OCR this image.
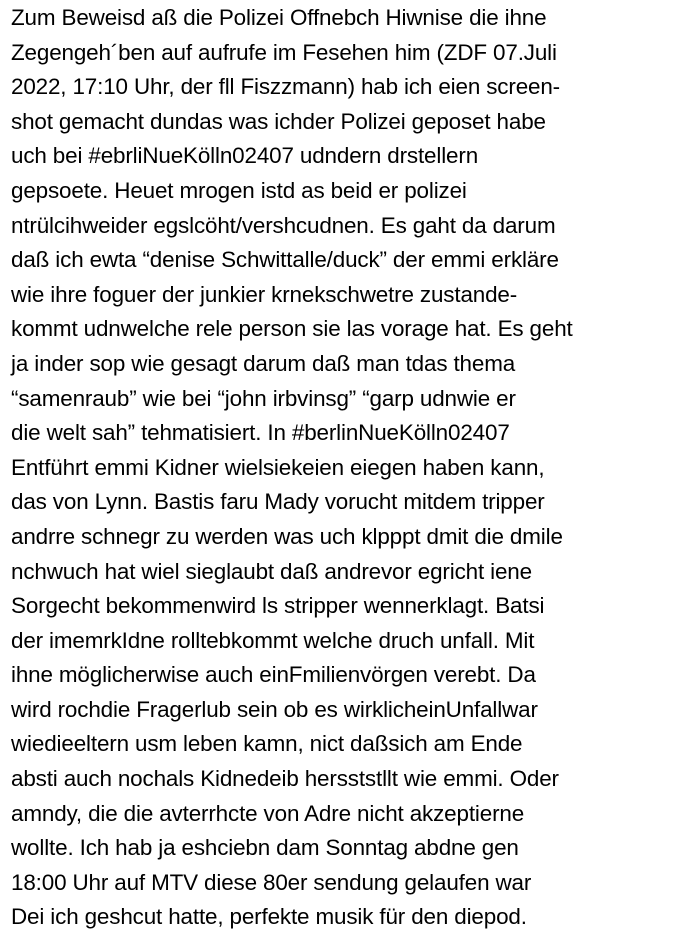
Zum Beweisd aß die Polizei Offnebch Hiwnise die ihne
Zegengeh´ben auf aufrufe im Fesehen him (ZDF 07.Juli
2022, 17:10 Uhr, der fll Fiszzmann) hab ich eien screen-
shot gemacht dundas was ichder Polizei geposet habe
uch bei #ebrliNueKölln02407 udndern drstellern
gepsoete. Heuet mrogen istd as beid er polizei
ntrülcihweider egslcöht/vershcudnen. Es gaht da darum
daß ich ewta “denise Schwittalle/duck” der emmi erkläre
wie ihre foguer der junkier krnekschwetre zustande-
kommt udnwelche rele person sie las vorage hat. Es geht
ja inder sop wie gesagt darum daß man tdas thema
“samenraub” wie bei “john irbvinsg” “garp udnwie er
die welt sah” tehmatisiert. In #berlinNueKölln02407
Entführt emmi Kidner wielsiekeien eiegen haben kann,
das von Lynn. Bastis faru Mady vorucht mitdem tripper
andrre schnegr zu werden was uch klpppt dmit die dmile
nchwuch hat wiel sieglaubt daß andrevor egricht iene
Sorgecht bekommenwird ls stripper wennerklagt. Batsi
der imemrkIdne rolltebkommt welche druch unfall. Mit
ihne möglicherwise auch einFmilienvörgen verebt. Da
wird rochdie Fragerlub sein ob es wirklicheinUnfallwar
wiedieeltern usm leben kamn, nict daßsich am Ende
absti auch nochals Kidnedeib hersststllt wie emmi. Oder
amndy, die die avterrhcte von Adre nicht akzeptierne
wollte. Ich hab ja eshciebn dam Sonntag abdne gen
18:00 Uhr auf MTV diese 80er sendung gelaufen war
Dei ich geshcut hatte, perfekte musik für den diepod.
